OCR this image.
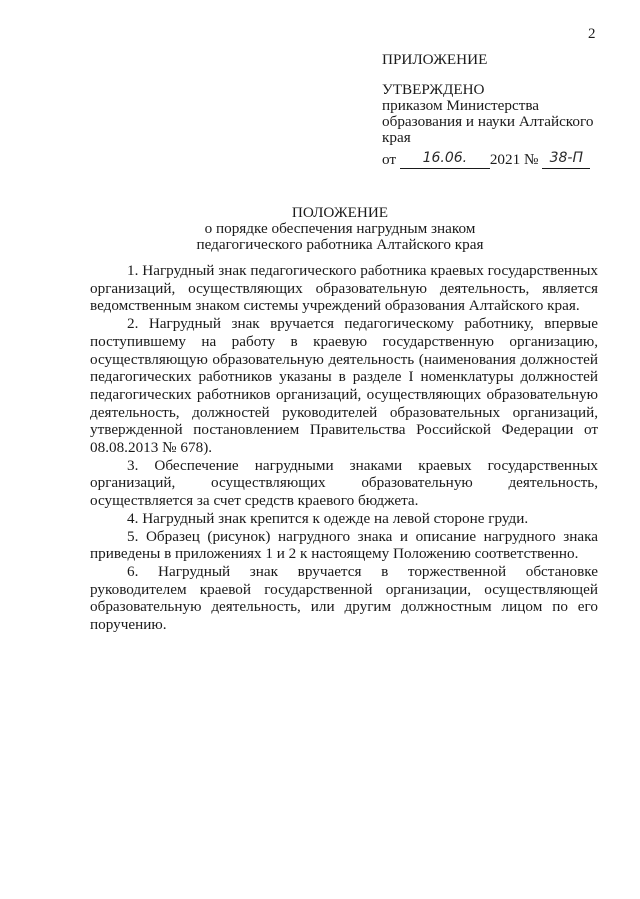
2

ПРИЛОЖЕНИЕ

УТВЕРЖДЕНО

приказом Министерства

образования и науки Алтайского

края

от 16.06. 2021 № 38-П

ПОЛОЖЕНИЕ

о порядке обеспечения нагрудным знаком

педагогического работника Алтайского края

1. Нагрудный знак педагогического работника краевых государственных организаций, осуществляющих образовательную деятельность, является ведомственным знаком системы учреждений образования Алтайского края.

2. Нагрудный знак вручается педагогическому работнику, впервые поступившему на работу в краевую государственную организацию, осуществляющую образовательную деятельность (наименования должностей педагогических работников указаны в разделе I номенклатуры должностей педагогических работников организаций, осуществляющих образовательную деятельность, должностей руководителей образовательных организаций, утвержденной постановлением Правительства Российской Федерации от 08.08.2013 № 678).

3. Обеспечение нагрудными знаками краевых государственных организаций, осуществляющих образовательную деятельность, осуществляется за счет средств краевого бюджета.

4. Нагрудный знак крепится к одежде на левой стороне груди.

5. Образец (рисунок) нагрудного знака и описание нагрудного знака приведены в приложениях 1 и 2 к настоящему Положению соответственно.

6. Нагрудный знак вручается в торжественной обстановке руководителем краевой государственной организации, осуществляющей образовательную деятельность, или другим должностным лицом по его поручению.
